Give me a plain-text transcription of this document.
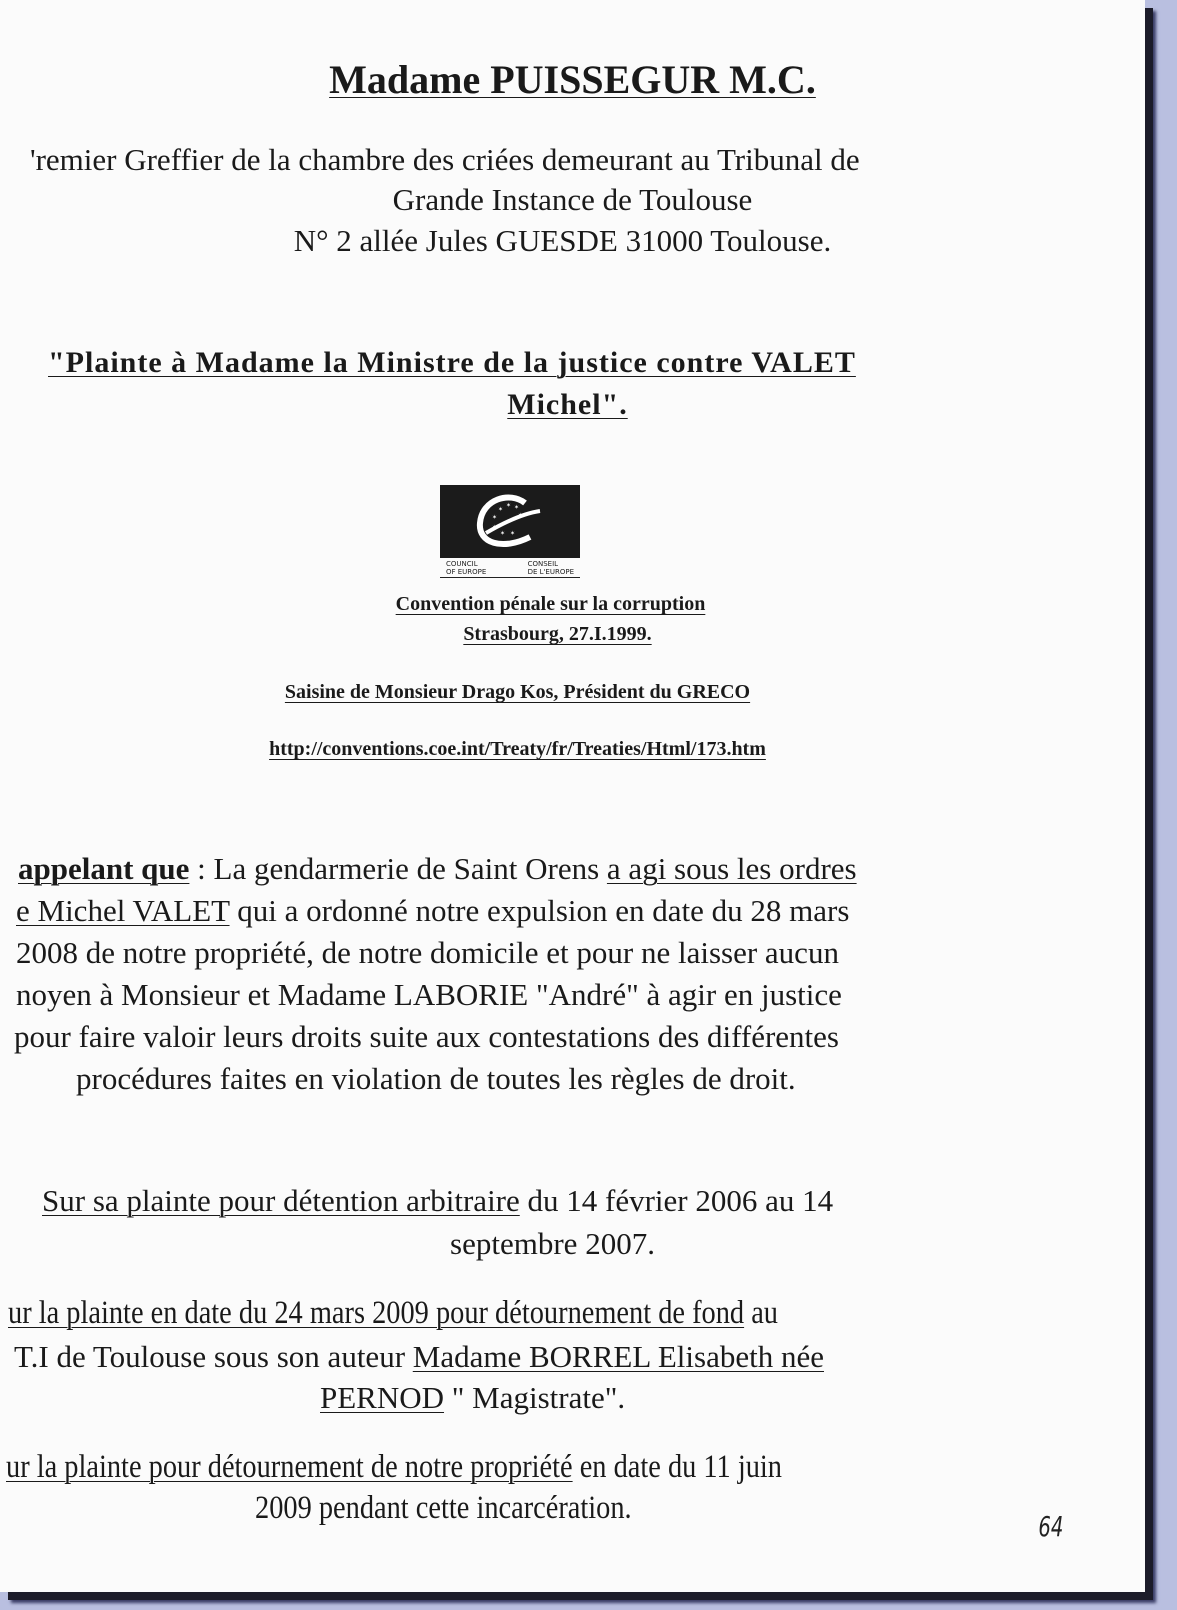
Madame PUISSEGUR M.C.
'remier Greffier de la chambre des criées demeurant au Tribunal de
Grande Instance de Toulouse
N° 2 allée Jules GUESDE 31000 Toulouse.
"Plainte à Madame la Ministre de la justice contre VALET
Michel".
✶
✶ ✶
✶	✶
✶
✶ ✶
COUNCIL
OF EUROPE
CONSEIL
DE L'EUROPE
Convention pénale sur la corruption
Strasbourg, 27.I.1999.
Saisine de Monsieur Drago Kos, Président du GRECO
http://conventions.coe.int/Treaty/fr/Treaties/Html/173.htm
appelant que : La gendarmerie de Saint Orens a agi sous les ordres
e Michel VALET qui a ordonné notre expulsion en date du 28 mars
2008 de notre propriété, de notre domicile et pour ne laisser aucun
noyen à Monsieur et Madame LABORIE "André" à agir en justice
pour faire valoir leurs droits suite aux contestations des différentes
procédures faites en violation de toutes les règles de droit.
Sur sa plainte pour détention arbitraire du 14 février 2006 au 14
septembre 2007.
ur la plainte en date du 24 mars 2009 pour détournement de fond au
T.I de Toulouse sous son auteur Madame BORREL Elisabeth née
PERNOD " Magistrate".
ur la plainte pour détournement de notre propriété en date du 11 juin
2009 pendant cette incarcération.
64
